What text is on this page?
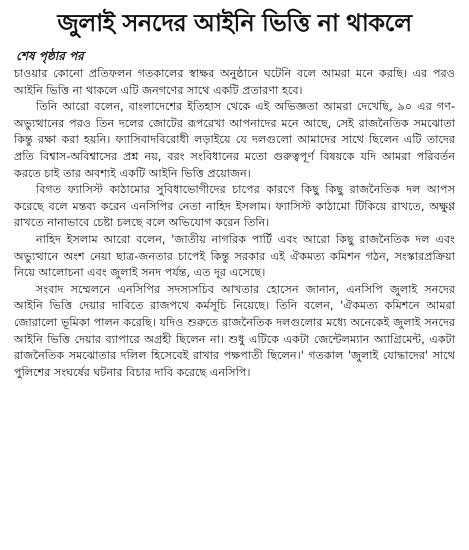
জুলাই সনদের আইনি ভিত্তি না থাকলে
শেষ পৃষ্ঠার পর

চাওয়ার কোনো প্রতিফলন গতকালের স্বাক্ষর অনুষ্ঠানে ঘটেনি বলে আমরা মনে করছি। এর পরও আইনি ভিত্তি না থাকলে এটি জনগণের সাথে একটি প্রতারণা হবে।

তিনি আরো বলেন, বাংলাদেশের ইতিহাস থেকে এই অভিজ্ঞতা আমরা দেখেছি, ৯০ এর গণ-অভ্যুত্থানের পরও তিন দলের জোটের রূপরেখা আপনাদের মনে আছে, সেই রাজনৈতিক সমঝোতা কিন্তু রক্ষা করা হয়নি। ফ্যাসিবাদবিরোধী লড়াইয়ে যে দলগুলো আমাদের সাথে ছিলেন এটি তাদের প্রতি বিশ্বাস-অবিশ্বাসের প্রশ্ন নয়, বরং সংবিধানের মতো গুরুত্বপূর্ণ বিষয়কে যদি আমরা পরিবর্তন করতে চাই তার অবশ্যই একটি আইনি ভিত্তি প্রয়োজন।

বিগত ফ্যাসিস্ট কাঠামোর সুবিধাভোগীদের চাপের কারণে কিছু কিছু রাজনৈতিক দল আপস করেছে বলে মন্তব্য করেন এনসিপির নেতা নাহিদ ইসলাম। ফ্যাসিস্ট কাঠামো টিকিয়ে রাখতে, অক্ষুণ্ণ রাখতে নানাভাবে চেষ্টা চলছে বলে অভিযোগ করেন তিনি।

নাহিদ ইসলাম আরো বলেন, 'জাতীয় নাগরিক পার্টি এবং আরো কিছু রাজনৈতিক দল এবং অভ্যুত্থানে অংশ নেয়া ছাত্র-জনতার চাপেই কিন্তু সরকার এই ঐকমত্য কমিশন গঠন, সংস্কারপ্রক্রিয়া নিয়ে আলোচনা এবং জুলাই সনদ পর্যন্ত, এত দূর এসেছে।

সংবাদ সম্মেলনে এনসিপির সদস্যসচিব আখতার হোসেন জানান, এনসিপি জুলাই সনদের আইনি ভিত্তি দেয়ার দাবিতে রাজপথে কর্মসূচি নিয়েছে। তিনি বলেন, 'ঐকমত্য কমিশনে আমরা জোরালো ভূমিকা পালন করেছি। যদিও শুরুতে রাজনৈতিক দলগুলোর মধ্যে অনেকেই জুলাই সনদের আইনি ভিত্তি দেয়ার ব্যাপারে অগ্রহী ছিলেন না। শুধু এটিকে একটা জেন্টেলম্যান অ্যাগ্রিমেন্ট, একটা রাজনৈতিক সমঝোতার দলিল হিসেবেই রাখার পক্ষপাতী ছিলেন।' গতকাল 'জুলাই যোদ্ধাদের' সাথে পুলিশের সংঘর্ষের ঘটনার বিচার দাবি করেছে এনসিপি।
